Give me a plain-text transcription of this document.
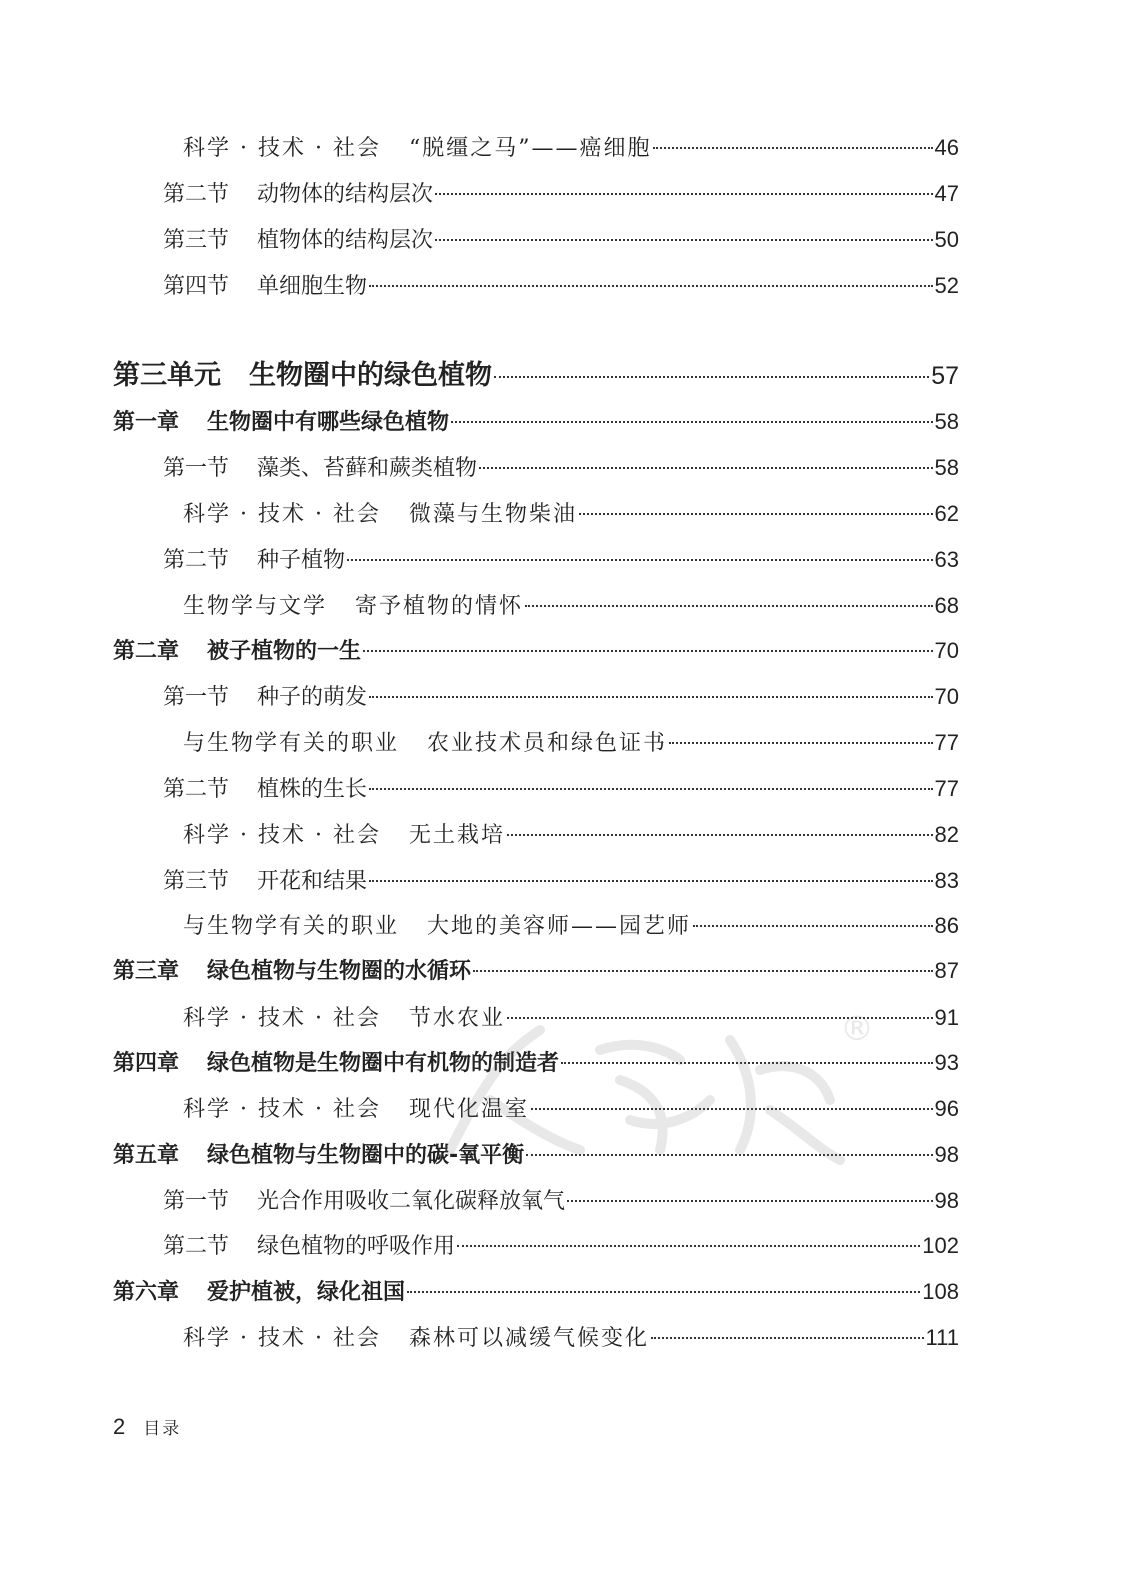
科学 · 技术 · 社会 “脱缰之马”——癌细胞	46
第二节 动物体的结构层次	47
第三节 植物体的结构层次	50
第四节 单细胞生物	52
第三单元 生物圈中的绿色植物	57
第一章 生物圈中有哪些绿色植物	58
第一节 藻类、苔藓和蕨类植物	58
科学 · 技术 · 社会 微藻与生物柴油	62
第二节 种子植物	63
生物学与文学 寄予植物的情怀	68
第二章 被子植物的一生	70
第一节 种子的萌发	70
与生物学有关的职业 农业技术员和绿色证书	77
第二节 植株的生长	77
科学 · 技术 · 社会 无土栽培	82
第三节 开花和结果	83
与生物学有关的职业 大地的美容师——园艺师	86
第三章 绿色植物与生物圈的水循环	87
科学 · 技术 · 社会 节水农业	91
第四章 绿色植物是生物圈中有机物的制造者	93
科学 · 技术 · 社会 现代化温室	96
第五章 绿色植物与生物圈中的碳-氧平衡	98
第一节 光合作用吸收二氧化碳释放氧气	98
第二节 绿色植物的呼吸作用	102
第六章 爱护植被，绿化祖国	108
科学 · 技术 · 社会 森林可以减缓气候变化	111
®
2 目录
